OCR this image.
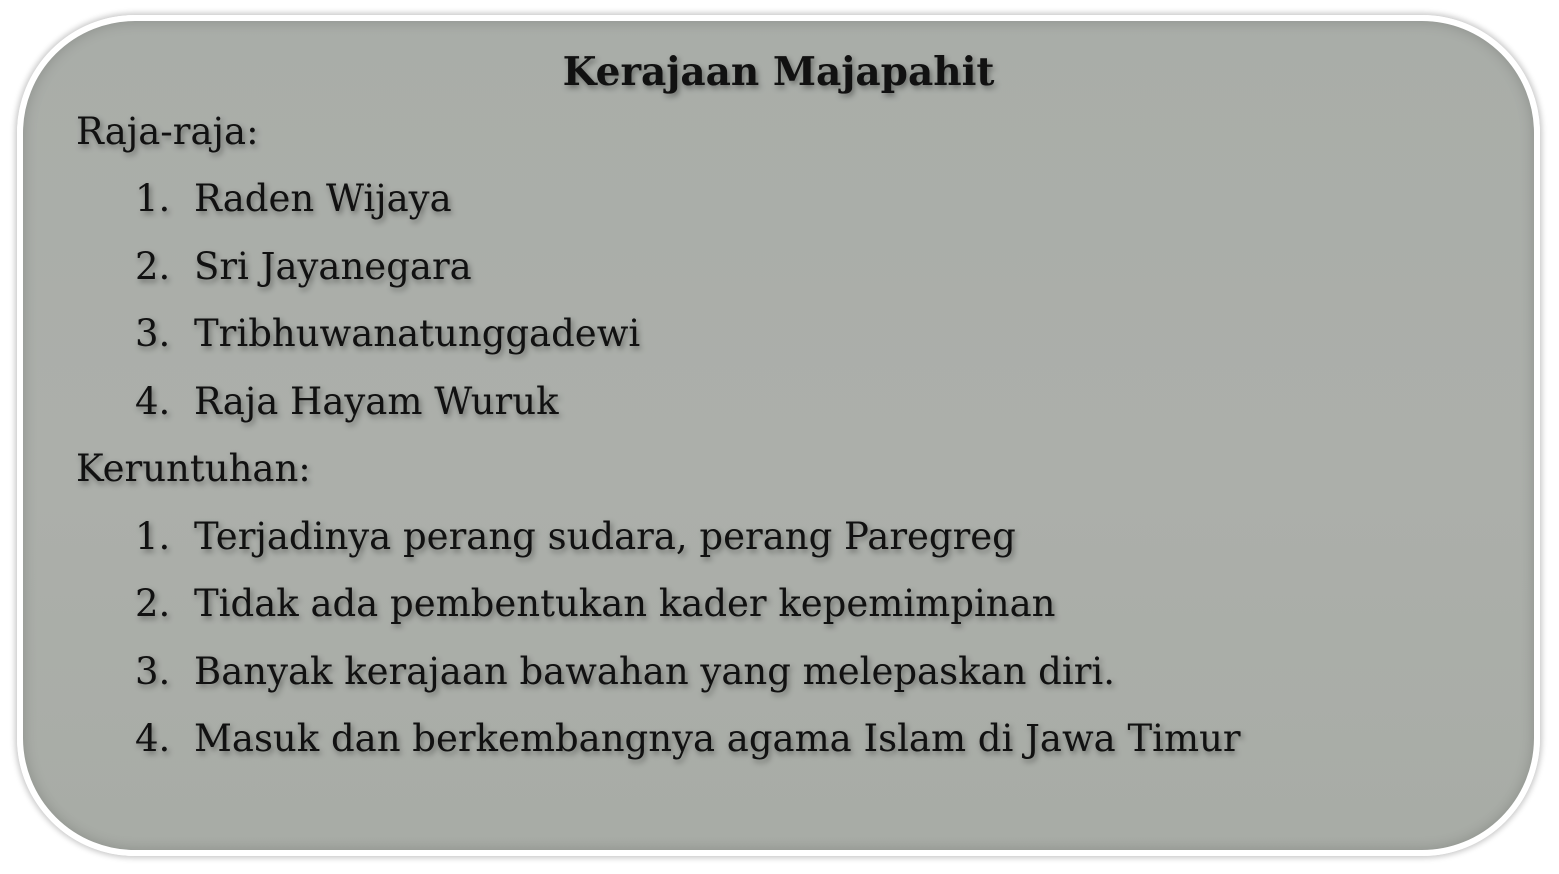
Kerajaan Majapahit
Raja-raja:
1. Raden Wijaya
2. Sri Jayanegara
3. Tribhuwanatunggadewi
4. Raja Hayam Wuruk
Keruntuhan:
1. Terjadinya perang sudara, perang Paregreg
2. Tidak ada pembentukan kader kepemimpinan
3. Banyak kerajaan bawahan yang melepaskan diri.
4. Masuk dan berkembangnya agama Islam di Jawa Timur
